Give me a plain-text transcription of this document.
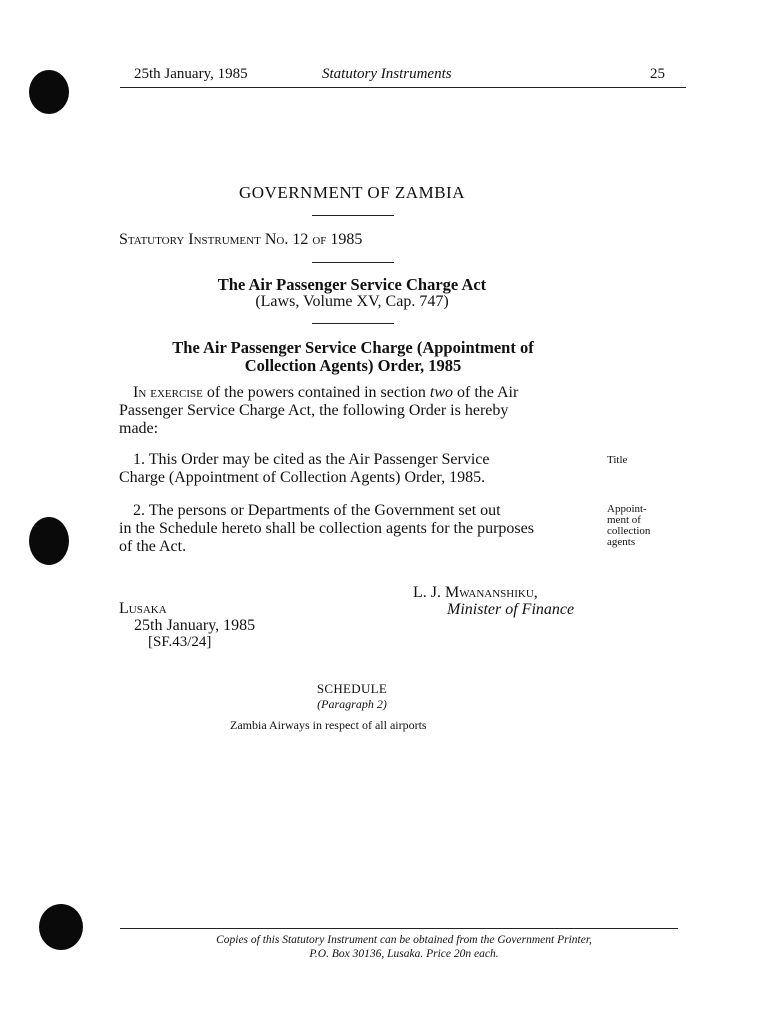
25th January, 1985	Statutory Instruments	25
GOVERNMENT OF ZAMBIA
Statutory Instrument No. 12 of 1985
The Air Passenger Service Charge Act
(Laws, Volume XV, Cap. 747)
The Air Passenger Service Charge (Appointment of
Collection Agents) Order, 1985
In exercise of the powers contained in section two of the Air
Passenger Service Charge Act, the following Order is hereby
made:
1. This Order may be cited as the Air Passenger Service
Charge (Appointment of Collection Agents) Order, 1985.
Title
2. The persons or Departments of the Government set out
in the Schedule hereto shall be collection agents for the purposes
of the Act.
Appoint-
ment of
collection
agents
L. J. Mwananshiku,
Minister of Finance
Lusaka
25th January, 1985
[SF.43/24]
SCHEDULE
(Paragraph 2)
Zambia Airways in respect of all airports
Copies of this Statutory Instrument can be obtained from the Government Printer,
P.O. Box 30136, Lusaka. Price 20n each.
